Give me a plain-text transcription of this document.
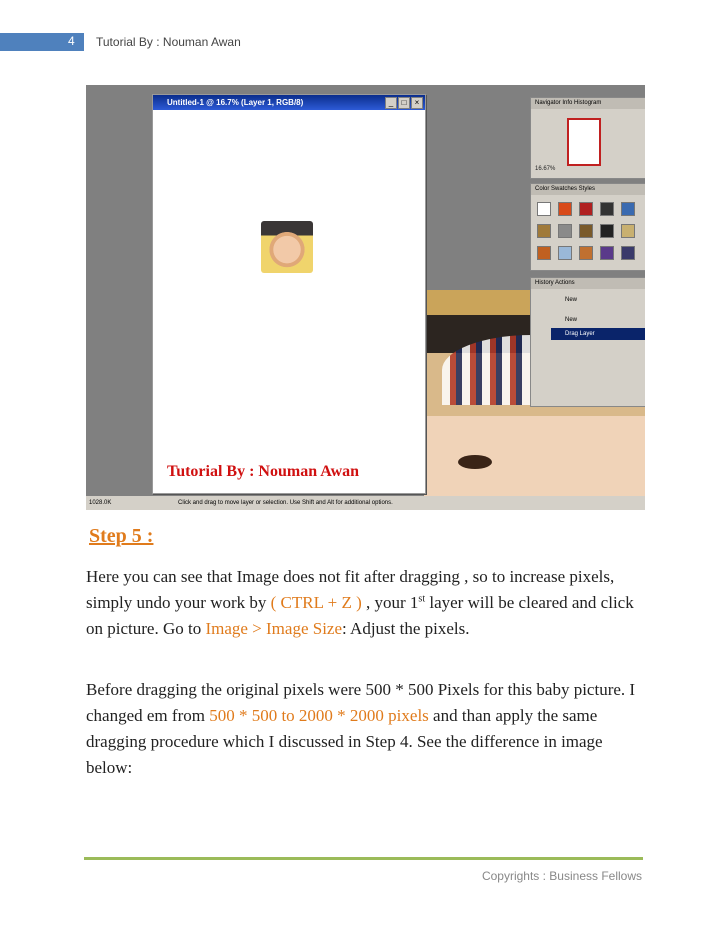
4 Tutorial By : Nouman Awan
Untitled-1 @ 16.7% (Layer 1, RGB/8)	_	□	×
Tutorial By : Nouman Awan
Navigator Info Histogram
16.67%
Color Swatches Styles
History Actions
New
New
Drag Layer
1028.0K	Click and drag to move layer or selection. Use Shift and Alt for additional options.
Step 5 :

Here you can see that Image does not fit after dragging , so to increase pixels, simply undo your work by ( CTRL + Z ) , your 1st layer will be cleared and click on picture. Go to Image > Image Size: Adjust the pixels.

Before dragging the original pixels were 500 * 500 Pixels for this baby picture. I changed em from 500 * 500 to 2000 * 2000 pixels and than apply the same dragging procedure which I discussed in Step 4. See the difference in image below:

Copyrights : Business Fellows
